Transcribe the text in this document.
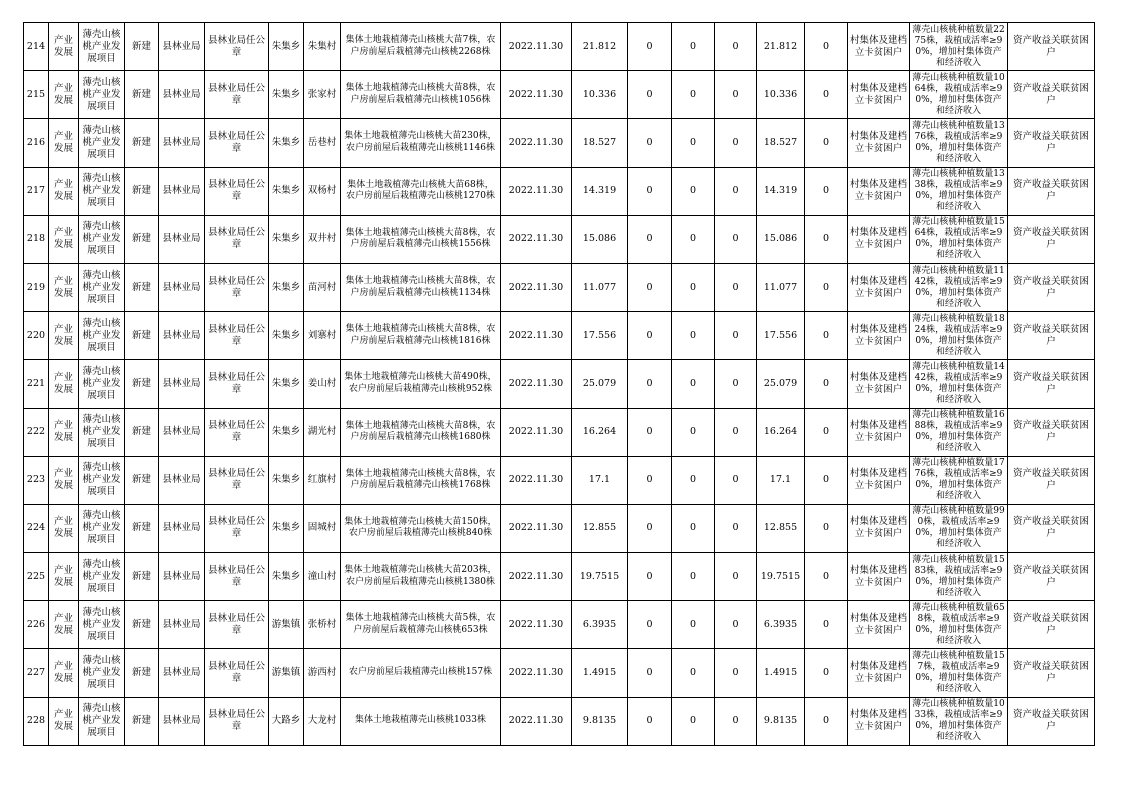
214	产业发展	薄壳山核桃产业发展项目	新建	县林业局	县林业局任公章	朱集乡	朱集村	集体土地栽植薄壳山核桃大苗7株，农户房前屋后栽植薄壳山核桃2268株	2022.11.30	21.812	0	0	0	21.812	0	村集体及建档立卡贫困户	薄壳山核桃种植数量2275株，栽植成活率≥90%，增加村集体资产和经济收入	资产收益关联贫困户
215	产业发展	薄壳山核桃产业发展项目	新建	县林业局	县林业局任公章	朱集乡	张家村	集体土地栽植薄壳山核桃大苗8株，农户房前屋后栽植薄壳山核桃1056株	2022.11.30	10.336	0	0	0	10.336	0	村集体及建档立卡贫困户	薄壳山核桃种植数量1064株，栽植成活率≥90%，增加村集体资产和经济收入	资产收益关联贫困户
216	产业发展	薄壳山核桃产业发展项目	新建	县林业局	县林业局任公章	朱集乡	岳巷村	集体土地栽植薄壳山核桃大苗230株，农户房前屋后栽植薄壳山核桃1146株	2022.11.30	18.527	0	0	0	18.527	0	村集体及建档立卡贫困户	薄壳山核桃种植数量1376株，栽植成活率≥90%，增加村集体资产和经济收入	资产收益关联贫困户
217	产业发展	薄壳山核桃产业发展项目	新建	县林业局	县林业局任公章	朱集乡	双杨村	集体土地栽植薄壳山核桃大苗68株，农户房前屋后栽植薄壳山核桃1270株	2022.11.30	14.319	0	0	0	14.319	0	村集体及建档立卡贫困户	薄壳山核桃种植数量1338株，栽植成活率≥90%，增加村集体资产和经济收入	资产收益关联贫困户
218	产业发展	薄壳山核桃产业发展项目	新建	县林业局	县林业局任公章	朱集乡	双井村	集体土地栽植薄壳山核桃大苗8株，农户房前屋后栽植薄壳山核桃1556株	2022.11.30	15.086	0	0	0	15.086	0	村集体及建档立卡贫困户	薄壳山核桃种植数量1564株，栽植成活率≥90%，增加村集体资产和经济收入	资产收益关联贫困户
219	产业发展	薄壳山核桃产业发展项目	新建	县林业局	县林业局任公章	朱集乡	苗河村	集体土地栽植薄壳山核桃大苗8株，农户房前屋后栽植薄壳山核桃1134株	2022.11.30	11.077	0	0	0	11.077	0	村集体及建档立卡贫困户	薄壳山核桃种植数量1142株，栽植成活率≥90%，增加村集体资产和经济收入	资产收益关联贫困户
220	产业发展	薄壳山核桃产业发展项目	新建	县林业局	县林业局任公章	朱集乡	刘寨村	集体土地栽植薄壳山核桃大苗8株，农户房前屋后栽植薄壳山核桃1816株	2022.11.30	17.556	0	0	0	17.556	0	村集体及建档立卡贫困户	薄壳山核桃种植数量1824株，栽植成活率≥90%，增加村集体资产和经济收入	资产收益关联贫困户
221	产业发展	薄壳山核桃产业发展项目	新建	县林业局	县林业局任公章	朱集乡	姜山村	集体土地栽植薄壳山核桃大苗490株，农户房前屋后栽植薄壳山核桃952株	2022.11.30	25.079	0	0	0	25.079	0	村集体及建档立卡贫困户	薄壳山核桃种植数量1442株，栽植成活率≥90%，增加村集体资产和经济收入	资产收益关联贫困户
222	产业发展	薄壳山核桃产业发展项目	新建	县林业局	县林业局任公章	朱集乡	湖光村	集体土地栽植薄壳山核桃大苗8株，农户房前屋后栽植薄壳山核桃1680株	2022.11.30	16.264	0	0	0	16.264	0	村集体及建档立卡贫困户	薄壳山核桃种植数量1688株，栽植成活率≥90%，增加村集体资产和经济收入	资产收益关联贫困户
223	产业发展	薄壳山核桃产业发展项目	新建	县林业局	县林业局任公章	朱集乡	红旗村	集体土地栽植薄壳山核桃大苗8株，农户房前屋后栽植薄壳山核桃1768株	2022.11.30	17.1	0	0	0	17.1	0	村集体及建档立卡贫困户	薄壳山核桃种植数量1776株，栽植成活率≥90%，增加村集体资产和经济收入	资产收益关联贫困户
224	产业发展	薄壳山核桃产业发展项目	新建	县林业局	县林业局任公章	朱集乡	固城村	集体土地栽植薄壳山核桃大苗150株，农户房前屋后栽植薄壳山核桃840株	2022.11.30	12.855	0	0	0	12.855	0	村集体及建档立卡贫困户	薄壳山核桃种植数量990株，栽植成活率≥90%，增加村集体资产和经济收入	资产收益关联贫困户
225	产业发展	薄壳山核桃产业发展项目	新建	县林业局	县林业局任公章	朱集乡	潼山村	集体土地栽植薄壳山核桃大苗203株，农户房前屋后栽植薄壳山核桃1380株	2022.11.30	19.7515	0	0	0	19.7515	0	村集体及建档立卡贫困户	薄壳山核桃种植数量1583株，栽植成活率≥90%，增加村集体资产和经济收入	资产收益关联贫困户
226	产业发展	薄壳山核桃产业发展项目	新建	县林业局	县林业局任公章	游集镇	张桥村	集体土地栽植薄壳山核桃大苗5株，农户房前屋后栽植薄壳山核桃653株	2022.11.30	6.3935	0	0	0	6.3935	0	村集体及建档立卡贫困户	薄壳山核桃种植数量658株，栽植成活率≥90%，增加村集体资产和经济收入	资产收益关联贫困户
227	产业发展	薄壳山核桃产业发展项目	新建	县林业局	县林业局任公章	游集镇	游西村	农户房前屋后栽植薄壳山核桃157株	2022.11.30	1.4915	0	0	0	1.4915	0	村集体及建档立卡贫困户	薄壳山核桃种植数量157株，栽植成活率≥90%，增加村集体资产和经济收入	资产收益关联贫困户
228	产业发展	薄壳山核桃产业发展项目	新建	县林业局	县林业局任公章	大路乡	大龙村	集体土地栽植薄壳山核桃1033株	2022.11.30	9.8135	0	0	0	9.8135	0	村集体及建档立卡贫困户	薄壳山核桃种植数量1033株，栽植成活率≥90%，增加村集体资产和经济收入	资产收益关联贫困户
